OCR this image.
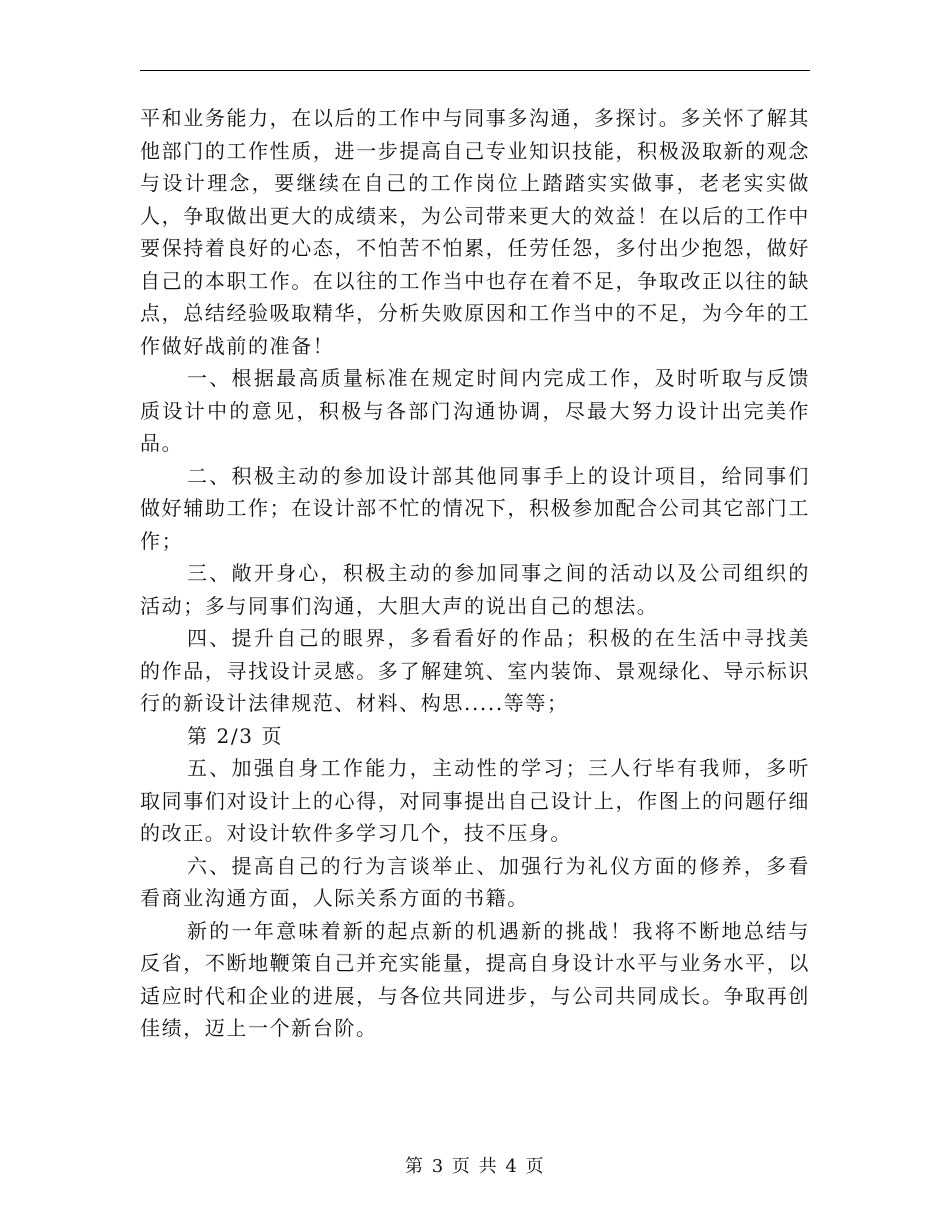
平和业务能力，在以后的工作中与同事多沟通，多探讨。多关怀了解其他部门的工作性质，进一步提高自己专业知识技能，积极汲取新的观念与设计理念，要继续在自己的工作岗位上踏踏实实做事，老老实实做人，争取做出更大的成绩来，为公司带来更大的效益！在以后的工作中要保持着良好的心态，不怕苦不怕累，任劳任怨，多付出少抱怨，做好自己的本职工作。在以往的工作当中也存在着不足，争取改正以往的缺点，总结经验吸取精华，分析失败原因和工作当中的不足，为今年的工作做好战前的准备！

一、根据最高质量标准在规定时间内完成工作，及时听取与反馈质设计中的意见，积极与各部门沟通协调，尽最大努力设计出完美作品。

二、积极主动的参加设计部其他同事手上的设计项目，给同事们做好辅助工作；在设计部不忙的情况下，积极参加配合公司其它部门工作；

三、敞开身心，积极主动的参加同事之间的活动以及公司组织的活动；多与同事们沟通，大胆大声的说出自己的想法。

四、提升自己的眼界，多看看好的作品；积极的在生活中寻找美的作品，寻找设计灵感。多了解建筑、室内装饰、景观绿化、导示标识行的新设计法律规范、材料、构思.....等等；

第 2/3 页

五、加强自身工作能力，主动性的学习；三人行毕有我师，多听取同事们对设计上的心得，对同事提出自己设计上，作图上的问题仔细的改正。对设计软件多学习几个，技不压身。

六、提高自己的行为言谈举止、加强行为礼仪方面的修养，多看看商业沟通方面，人际关系方面的书籍。

新的一年意味着新的起点新的机遇新的挑战！我将不断地总结与反省，不断地鞭策自己并充实能量，提高自身设计水平与业务水平，以适应时代和企业的进展，与各位共同进步，与公司共同成长。争取再创佳绩，迈上一个新台阶。

第 3 页 共 4 页
